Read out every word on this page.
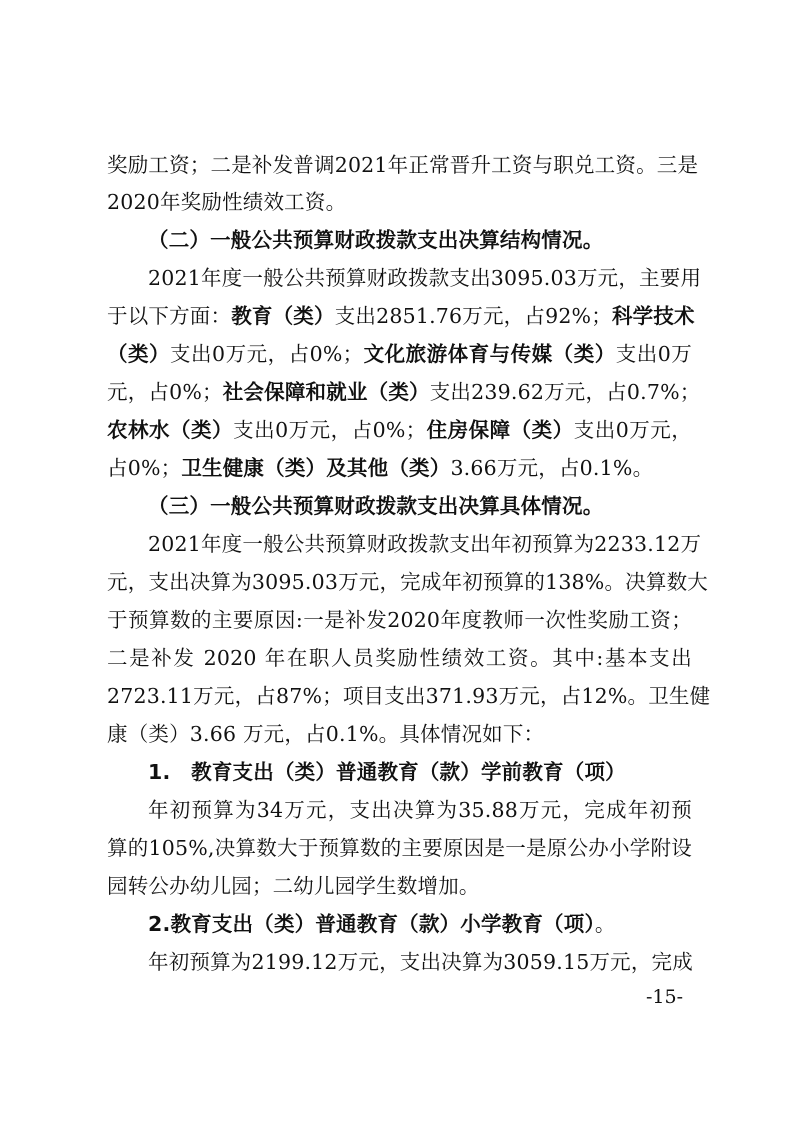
奖励工资；二是补发普调2021年正常晋升工资与职兑工资。三是
2020年奖励性绩效工资。
（二）一般公共预算财政拨款支出决算结构情况。
2021年度一般公共预算财政拨款支出3095.03万元，主要用
于以下方面：教育（类）支出2851.76万元，占92%；科学技术
（类）支出0万元，占0%；文化旅游体育与传媒（类）支出0万
元，占0%；社会保障和就业（类）支出239.62万元，占0.7%；
农林水（类）支出0万元，占0%；住房保障（类）支出0万元，
占0%；卫生健康（类）及其他（类）3.66万元，占0.1%。
（三）一般公共预算财政拨款支出决算具体情况。
2021年度一般公共预算财政拨款支出年初预算为2233.12万
元，支出决算为3095.03万元，完成年初预算的138%。决算数大
于预算数的主要原因:一是补发2020年度教师一次性奖励工资；
二是补发 2020 年在职人员奖励性绩效工资。其中:基本支出
2723.11万元，占87%；项目支出371.93万元，占12%。卫生健
康（类）3.66 万元，占0.1%。具体情况如下：
1.　教育支出（类）普通教育（款）学前教育（项）
年初预算为34万元，支出决算为35.88万元，完成年初预
算的105%,决算数大于预算数的主要原因是一是原公办小学附设
园转公办幼儿园；二幼儿园学生数增加。
2.教育支出（类）普通教育（款）小学教育（项）。
年初预算为2199.12万元，支出决算为3059.15万元，完成
-15-
